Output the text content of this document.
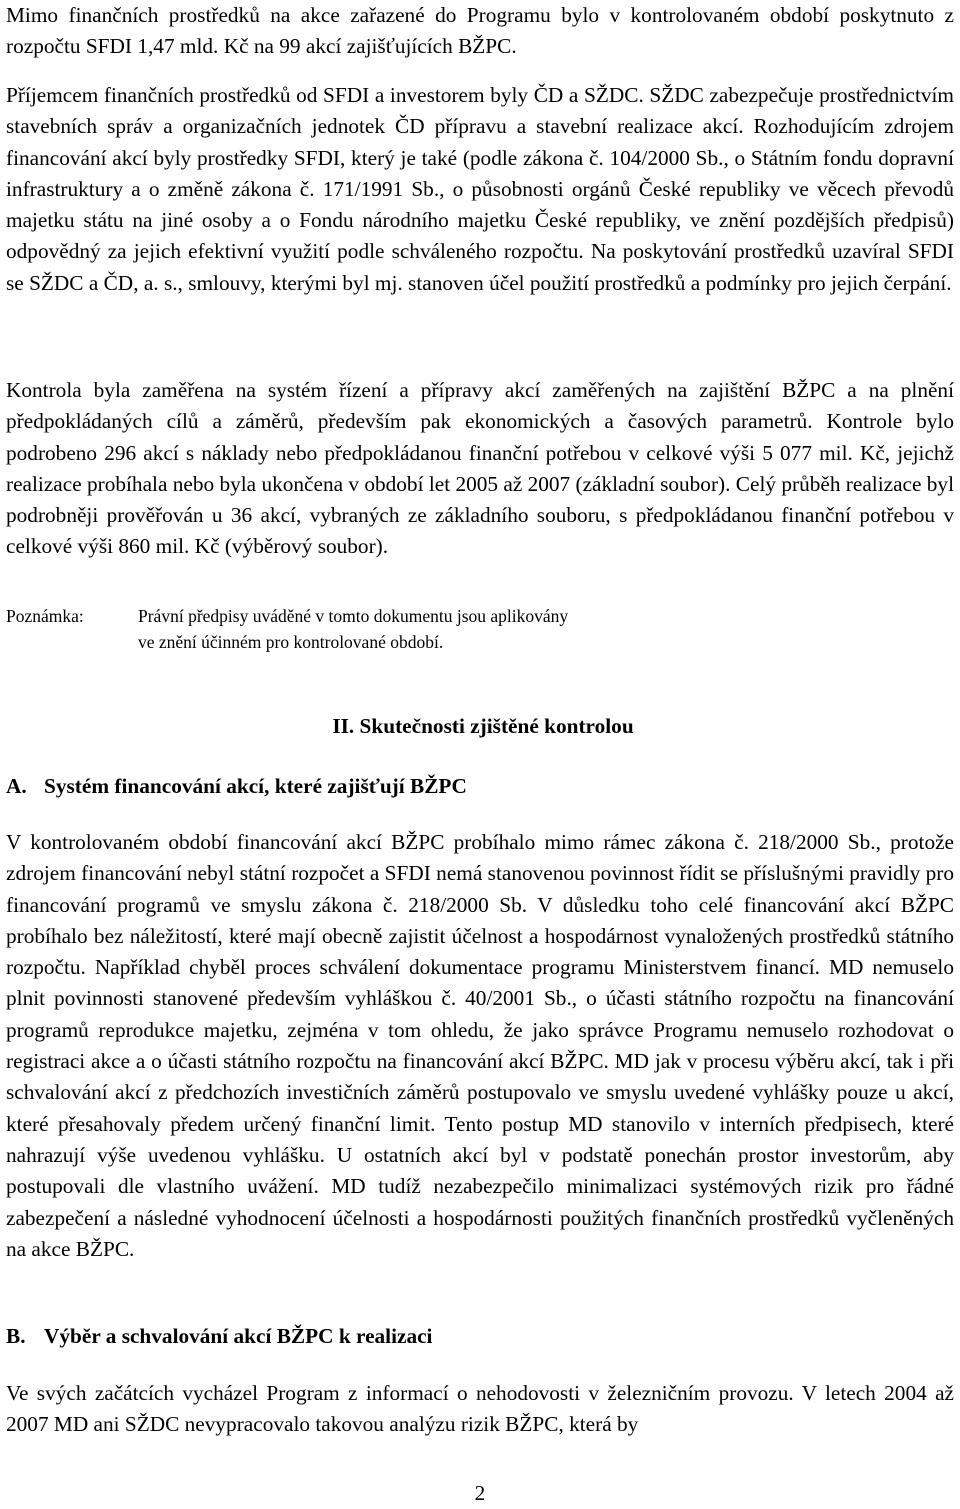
Mimo finančních prostředků na akce zařazené do Programu bylo v kontrolovaném období poskytnuto z rozpočtu SFDI 1,47 mld. Kč na 99 akcí zajišťujících BŽPC.

Příjemcem finančních prostředků od SFDI a investorem byly ČD a SŽDC. SŽDC zabezpečuje prostřednictvím stavebních správ a organizačních jednotek ČD přípravu a stavební realizace akcí. Rozhodujícím zdrojem financování akcí byly prostředky SFDI, který je také (podle zákona č. 104/2000 Sb., o Státním fondu dopravní infrastruktury a o změně zákona č. 171/1991 Sb., o působnosti orgánů České republiky ve věcech převodů majetku státu na jiné osoby a o Fondu národního majetku České republiky, ve znění pozdějších předpisů) odpovědný za jejich efektivní využití podle schváleného rozpočtu. Na poskytování prostředků uzavíral SFDI se SŽDC a ČD, a. s., smlouvy, kterými byl mj. stanoven účel použití prostředků a podmínky pro jejich čerpání.

Kontrola byla zaměřena na systém řízení a přípravy akcí zaměřených na zajištění BŽPC a na plnění předpokládaných cílů a záměrů, především pak ekonomických a časových parametrů. Kontrole bylo podrobeno 296 akcí s náklady nebo předpokládanou finanční potřebou v celkové výši 5 077 mil. Kč, jejichž realizace probíhala nebo byla ukončena v období let 2005 až 2007 (základní soubor). Celý průběh realizace byl podrobněji prověřován u 36 akcí, vybraných ze základního souboru, s předpokládanou finanční potřebou v celkové výši 860 mil. Kč (výběrový soubor).

Poznámka:	Právní předpisy uváděné v tomto dokumentu jsou aplikovány
ve znění účinném pro kontrolované období.
II. Skutečnosti zjištěné kontrolou
A. Systém financování akcí, které zajišťují BŽPC

V kontrolovaném období financování akcí BŽPC probíhalo mimo rámec zákona č. 218/2000 Sb., protože zdrojem financování nebyl státní rozpočet a SFDI nemá stanovenou povinnost řídit se příslušnými pravidly pro financování programů ve smyslu zákona č. 218/2000 Sb. V důsledku toho celé financování akcí BŽPC probíhalo bez náležitostí, které mají obecně zajistit účelnost a hospodárnost vynaložených prostředků státního rozpočtu. Například chyběl proces schválení dokumentace programu Ministerstvem financí. MD nemuselo plnit povinnosti stanovené především vyhláškou č. 40/2001 Sb., o účasti státního rozpočtu na financování programů reprodukce majetku, zejména v tom ohledu, že jako správce Programu nemuselo rozhodovat o registraci akce a o účasti státního rozpočtu na financování akcí BŽPC. MD jak v procesu výběru akcí, tak i při schvalování akcí z předchozích investičních záměrů postupovalo ve smyslu uvedené vyhlášky pouze u akcí, které přesahovaly předem určený finanční limit. Tento postup MD stanovilo v interních předpisech, které nahrazují výše uvedenou vyhlášku. U ostatních akcí byl v podstatě ponechán prostor investorům, aby postupovali dle vlastního uvážení. MD tudíž nezabezpečilo minimalizaci systémových rizik pro řádné zabezpečení a následné vyhodnocení účelnosti a hospodárnosti použitých finančních prostředků vyčleněných na akce BŽPC.

B. Výběr a schvalování akcí BŽPC k realizaci

Ve svých začátcích vycházel Program z informací o nehodovosti v železničním provozu. V letech 2004 až 2007 MD ani SŽDC nevypracovalo takovou analýzu rizik BŽPC, která by

2
